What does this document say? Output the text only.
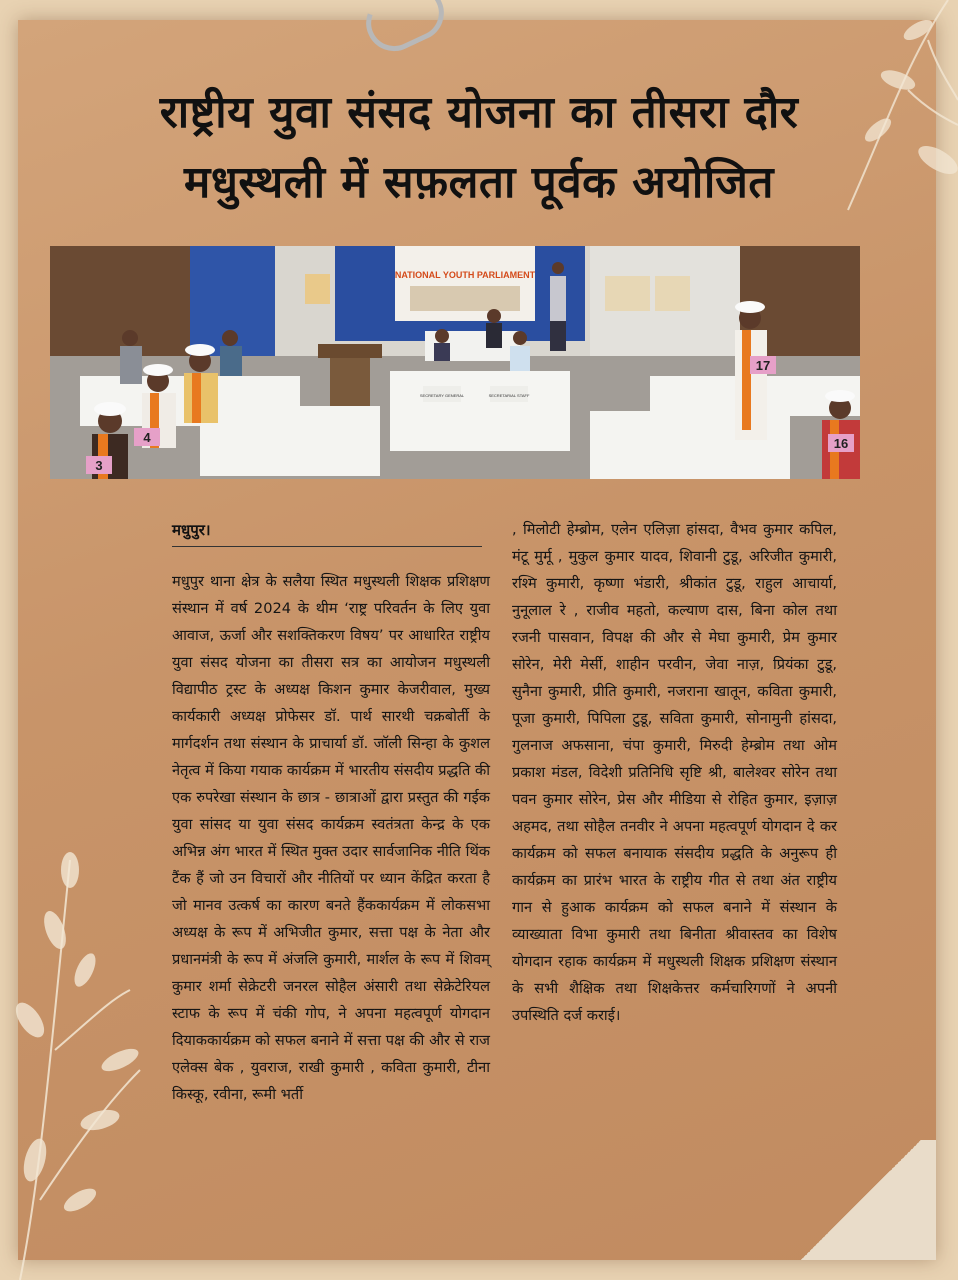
राष्ट्रीय युवा संसद योजना का तीसरा दौर
मधुस्थली में सफ़लता पूर्वक अयोजित
NATIONAL YOUTH PARLIAMENT
SECRETARY GENERAL	SECRETARIAL STAFF
3
4
17
16
मधुपुर।
मधुपुर थाना क्षेत्र के सलैया स्थित मधुस्थली शिक्षक प्रशिक्षण संस्थान में वर्ष 2024 के थीम ‘राष्ट्र परिवर्तन के लिए युवा आवाज, ऊर्जा और सशक्तिकरण विषय’ पर आधारित राष्ट्रीय युवा संसद योजना का तीसरा सत्र का आयोजन मधुस्थली विद्यापीठ ट्रस्ट के अध्यक्ष किशन कुमार केजरीवाल, मुख्य कार्यकारी अध्यक्ष प्रोफेसर डॉ. पार्थ सारथी चक्रबोर्ती के मार्गदर्शन तथा संस्थान के प्राचार्या डॉ. जॉली सिन्हा के कुशल नेतृत्व में किया गयाक कार्यक्रम में भारतीय संसदीय प्रद्धति की एक रुपरेखा संस्थान के छात्र - छात्राओं द्वारा प्रस्तुत की गईक युवा सांसद या युवा संसद कार्यक्रम स्वतंत्रता केन्द्र के एक अभिन्न अंग भारत में स्थित मुक्त उदार सार्वजानिक नीति थिंक टैंक हैं जो उन विचारों और नीतियों पर ध्यान केंद्रित करता है जो मानव उत्कर्ष का कारण बनते हैंककार्यक्रम में लोकसभा अध्यक्ष के रूप में अभिजीत कुमार, सत्ता पक्ष के नेता और प्रधानमंत्री के रूप में अंजलि कुमारी, मार्शल के रूप में शिवम् कुमार शर्मा सेक्रेटरी जनरल सोहैल अंसारी तथा सेक्रेटेरियल स्टाफ के रूप में चंकी गोप, ने अपना महत्वपूर्ण योगदान दियाककार्यक्रम को सफल बनाने में सत्ता पक्ष की और से राज एलेक्स बेक , युवराज, राखी कुमारी , कविता कुमारी, टीना किस्कू, रवीना, रूमी भर्ती
, मिलोटी हेम्ब्रोम, एलेन एलिज़ा हांसदा, वैभव कुमार कपिल, मंटू मुर्मू , मुकुल कुमार यादव, शिवानी टुडू, अरिजीत कुमारी, रश्मि कुमारी, कृष्णा भंडारी, श्रीकांत टुडू, राहुल आचार्या, नुनूलाल रे , राजीव महतो, कल्याण दास, बिना कोल तथा रजनी पासवान, विपक्ष की और से मेघा कुमारी, प्रेम कुमार सोरेन, मेरी मेर्सी, शाहीन परवीन, जेवा नाज़, प्रियंका टुडू, सुनैना कुमारी, प्रीति कुमारी, नजराना खातून, कविता कुमारी, पूजा कुमारी, पिपिला टुडू, सविता कुमारी, सोनामुनी हांसदा, गुलनाज अफसाना, चंपा कुमारी, मिरुदी हेम्ब्रोम तथा ओम प्रकाश मंडल, विदेशी प्रतिनिधि सृष्टि श्री, बालेश्वर सोरेन तथा पवन कुमार सोरेन, प्रेस और मीडिया से रोहित कुमार, इज़ाज़ अहमद, तथा सोहैल तनवीर ने अपना महत्वपूर्ण योगदान दे कर कार्यक्रम को सफल बनायाक संसदीय प्रद्धति के अनुरूप ही कार्यक्रम का प्रारंभ भारत के राष्ट्रीय गीत से तथा अंत राष्ट्रीय गान से हुआक कार्यक्रम को सफल बनाने में संस्थान के व्याख्याता विभा कुमारी तथा बिनीता श्रीवास्तव का विशेष योगदान रहाक कार्यक्रम में मधुस्थली शिक्षक प्रशिक्षण संस्थान के सभी शैक्षिक तथा शिक्षकेत्तर कर्मचारिगणों ने अपनी उपस्थिति दर्ज कराई।
